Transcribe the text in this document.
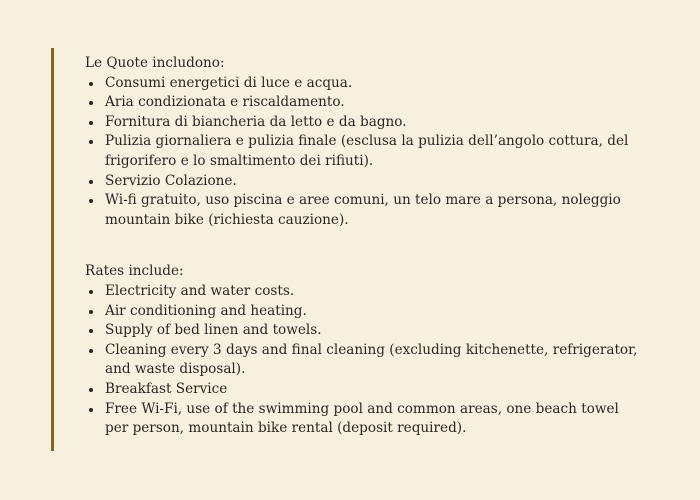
Le Quote includono:
Consumi energetici di luce e acqua.
Aria condizionata e riscaldamento.
Fornitura di biancheria da letto e da bagno.
Pulizia giornaliera e pulizia finale (esclusa la pulizia dell’angolo cottura, del frigorifero e lo smaltimento dei rifiuti).
Servizio Colazione.
Wi-fi gratuito, uso piscina e aree comuni, un telo mare a persona, noleggio mountain bike (richiesta cauzione).
Rates include:
Electricity and water costs.
Air conditioning and heating.
Supply of bed linen and towels.
Cleaning every 3 days and final cleaning (excluding kitchenette, refrigerator, and waste disposal).
Breakfast Service
Free Wi-Fi, use of the swimming pool and common areas, one beach towel per person, mountain bike rental (deposit required).
